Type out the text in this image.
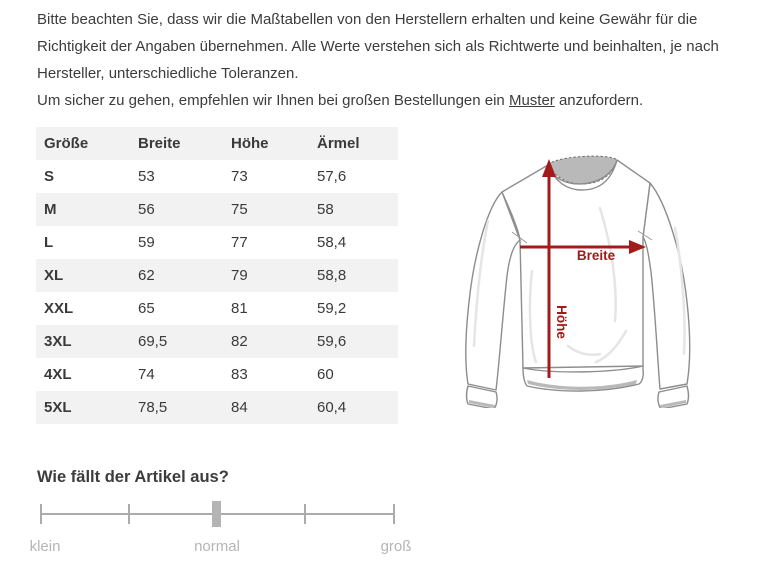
Bitte beachten Sie, dass wir die Maßtabellen von den Herstellern erhalten und keine Gewähr für die Richtigkeit der Angaben übernehmen. Alle Werte verstehen sich als Richtwerte und beinhalten, je nach Hersteller, unterschiedliche Toleranzen.
Um sicher zu gehen, empfehlen wir Ihnen bei großen Bestellungen ein Muster anzufordern.
Größe	Breite	Höhe	Ärmel
S	53	73	57,6
M	56	75	58
L	59	77	58,4
XL	62	79	58,8
XXL	65	81	59,2
3XL	69,5	82	59,6
4XL	74	83	60
5XL	78,5	84	60,4
Breite
Höhe
Wie fällt der Artikel aus?
klein	normal	groß
